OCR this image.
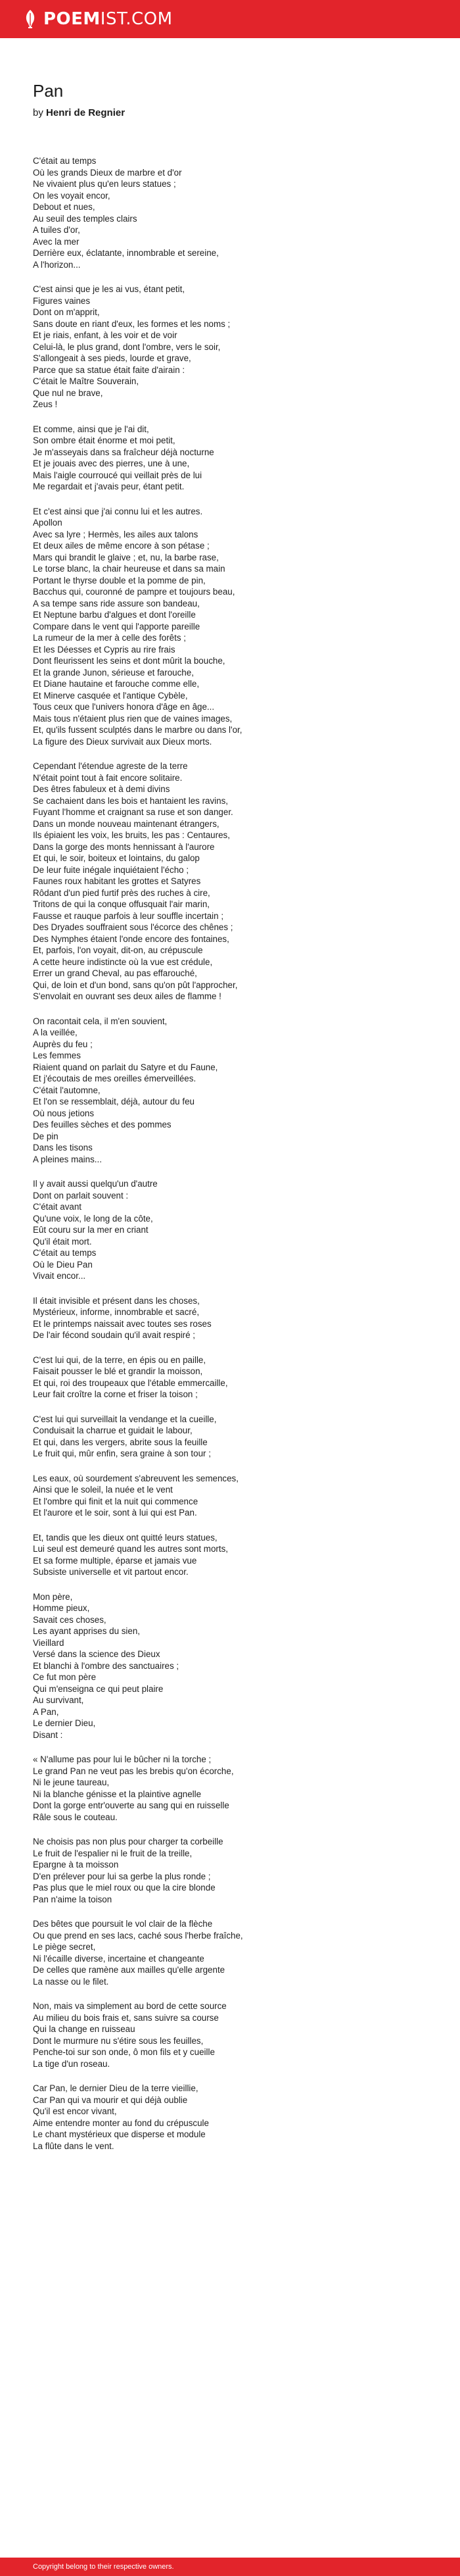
POEMIST.COM
Pan
by Henri de Regnier
C'était au temps
Où les grands Dieux de marbre et d'or
Ne vivaient plus qu'en leurs statues ;
On les voyait encor,
Debout et nues,
Au seuil des temples clairs
A tuiles d'or,
Avec la mer
Derrière eux, éclatante, innombrable et sereine,
A l'horizon...
C'est ainsi que je les ai vus, étant petit,
Figures vaines
Dont on m'apprit,
Sans doute en riant d'eux, les formes et les noms ;
Et je riais, enfant, à les voir et de voir
Celui-là, le plus grand, dont l'ombre, vers le soir,
S'allongeait à ses pieds, lourde et grave,
Parce que sa statue était faite d'airain :
C'était le Maître Souverain,
Que nul ne brave,
Zeus !
Et comme, ainsi que je l'ai dit,
Son ombre était énorme et moi petit,
Je m'asseyais dans sa fraîcheur déjà nocturne
Et je jouais avec des pierres, une à une,
Mais l'aigle courroucé qui veillait près de lui
Me regardait et j'avais peur, étant petit.
Et c'est ainsi que j'ai connu lui et les autres.
Apollon
Avec sa lyre ; Hermès, les ailes aux talons
Et deux ailes de même encore à son pétase ;
Mars qui brandit le glaive ; et, nu, la barbe rase,
Le torse blanc, la chair heureuse et dans sa main
Portant le thyrse double et la pomme de pin,
Bacchus qui, couronné de pampre et toujours beau,
A sa tempe sans ride assure son bandeau,
Et Neptune barbu d'algues et dont l'oreille
Compare dans le vent qui l'apporte pareille
La rumeur de la mer à celle des forêts ;
Et les Déesses et Cypris au rire frais
Dont fleurissent les seins et dont mûrit la bouche,
Et la grande Junon, sérieuse et farouche,
Et Diane hautaine et farouche comme elle,
Et Minerve casquée et l'antique Cybèle,
Tous ceux que l'univers honora d'âge en âge...
Mais tous n'étaient plus rien que de vaines images,
Et, qu'ils fussent sculptés dans le marbre ou dans l'or,
La figure des Dieux survivait aux Dieux morts.
Cependant l'étendue agreste de la terre
N'était point tout à fait encore solitaire.
Des êtres fabuleux et à demi divins
Se cachaient dans les bois et hantaient les ravins,
Fuyant l'homme et craignant sa ruse et son danger.
Dans un monde nouveau maintenant étrangers,
Ils épiaient les voix, les bruits, les pas : Centaures,
Dans la gorge des monts hennissant à l'aurore
Et qui, le soir, boiteux et lointains, du galop
De leur fuite inégale inquiétaient l'écho ;
Faunes roux habitant les grottes et Satyres
Rôdant d'un pied furtif près des ruches à cire,
Tritons de qui la conque offusquait l'air marin,
Fausse et rauque parfois à leur souffle incertain ;
Des Dryades souffraient sous l'écorce des chênes ;
Des Nymphes étaient l'onde encore des fontaines,
Et, parfois, l'on voyait, dit-on, au crépuscule
A cette heure indistincte où la vue est crédule,
Errer un grand Cheval, au pas effarouché,
Qui, de loin et d'un bond, sans qu'on pût l'approcher,
S'envolait en ouvrant ses deux ailes de flamme !
On racontait cela, il m'en souvient,
A la veillée,
Auprès du feu ;
Les femmes
Riaient quand on parlait du Satyre et du Faune,
Et j'écoutais de mes oreilles émerveillées.
C'était l'automne,
Et l'on se ressemblait, déjà, autour du feu
Où nous jetions
Des feuilles sèches et des pommes
De pin
Dans les tisons
A pleines mains...
Il y avait aussi quelqu'un d'autre
Dont on parlait souvent :
C'était avant
Qu'une voix, le long de la côte,
Eût couru sur la mer en criant
Qu'il était mort.
C'était au temps
Où le Dieu Pan
Vivait encor...
Il était invisible et présent dans les choses,
Mystérieux, informe, innombrable et sacré,
Et le printemps naissait avec toutes ses roses
De l'air fécond soudain qu'il avait respiré ;
C'est lui qui, de la terre, en épis ou en paille,
Faisait pousser le blé et grandir la moisson,
Et qui, roi des troupeaux que l'étable emmercaille,
Leur fait croître la corne et friser la toison ;
C'est lui qui surveillait la vendange et la cueille,
Conduisait la charrue et guidait le labour,
Et qui, dans les vergers, abrite sous la feuille
Le fruit qui, mûr enfin, sera graine à son tour ;
Les eaux, où sourdement s'abreuvent les semences,
Ainsi que le soleil, la nuée et le vent
Et l'ombre qui finit et la nuit qui commence
Et l'aurore et le soir, sont à lui qui est Pan.
Et, tandis que les dieux ont quitté leurs statues,
Lui seul est demeuré quand les autres sont morts,
Et sa forme multiple, éparse et jamais vue
Subsiste universelle et vit partout encor.
Mon père,
Homme pieux,
Savait ces choses,
Les ayant apprises du sien,
Vieillard
Versé dans la science des Dieux
Et blanchi à l'ombre des sanctuaires ;
Ce fut mon père
Qui m'enseigna ce qui peut plaire
Au survivant,
A Pan,
Le dernier Dieu,
Disant :
« N'allume pas pour lui le bûcher ni la torche ;
Le grand Pan ne veut pas les brebis qu'on écorche,
Ni le jeune taureau,
Ni la blanche génisse et la plaintive agnelle
Dont la gorge entr'ouverte au sang qui en ruisselle
Râle sous le couteau.
Ne choisis pas non plus pour charger ta corbeille
Le fruit de l'espalier ni le fruit de la treille,
Epargne à ta moisson
D'en prélever pour lui sa gerbe la plus ronde ;
Pas plus que le miel roux ou que la cire blonde
Pan n'aime la toison
Des bêtes que poursuit le vol clair de la flèche
Ou que prend en ses lacs, caché sous l'herbe fraîche,
Le piège secret,
Ni l'écaille diverse, incertaine et changeante
De celles que ramène aux mailles qu'elle argente
La nasse ou le filet.
Non, mais va simplement au bord de cette source
Au milieu du bois frais et, sans suivre sa course
Qui la change en ruisseau
Dont le murmure nu s'étire sous les feuilles,
Penche-toi sur son onde, ô mon fils et y cueille
La tige d'un roseau.
Car Pan, le dernier Dieu de la terre vieillie,
Car Pan qui va mourir et qui déjà oublie
Qu'il est encor vivant,
Aime entendre monter au fond du crépuscule
Le chant mystérieux que disperse et module
La flûte dans le vent.
Copyright belong to their respective owners.
